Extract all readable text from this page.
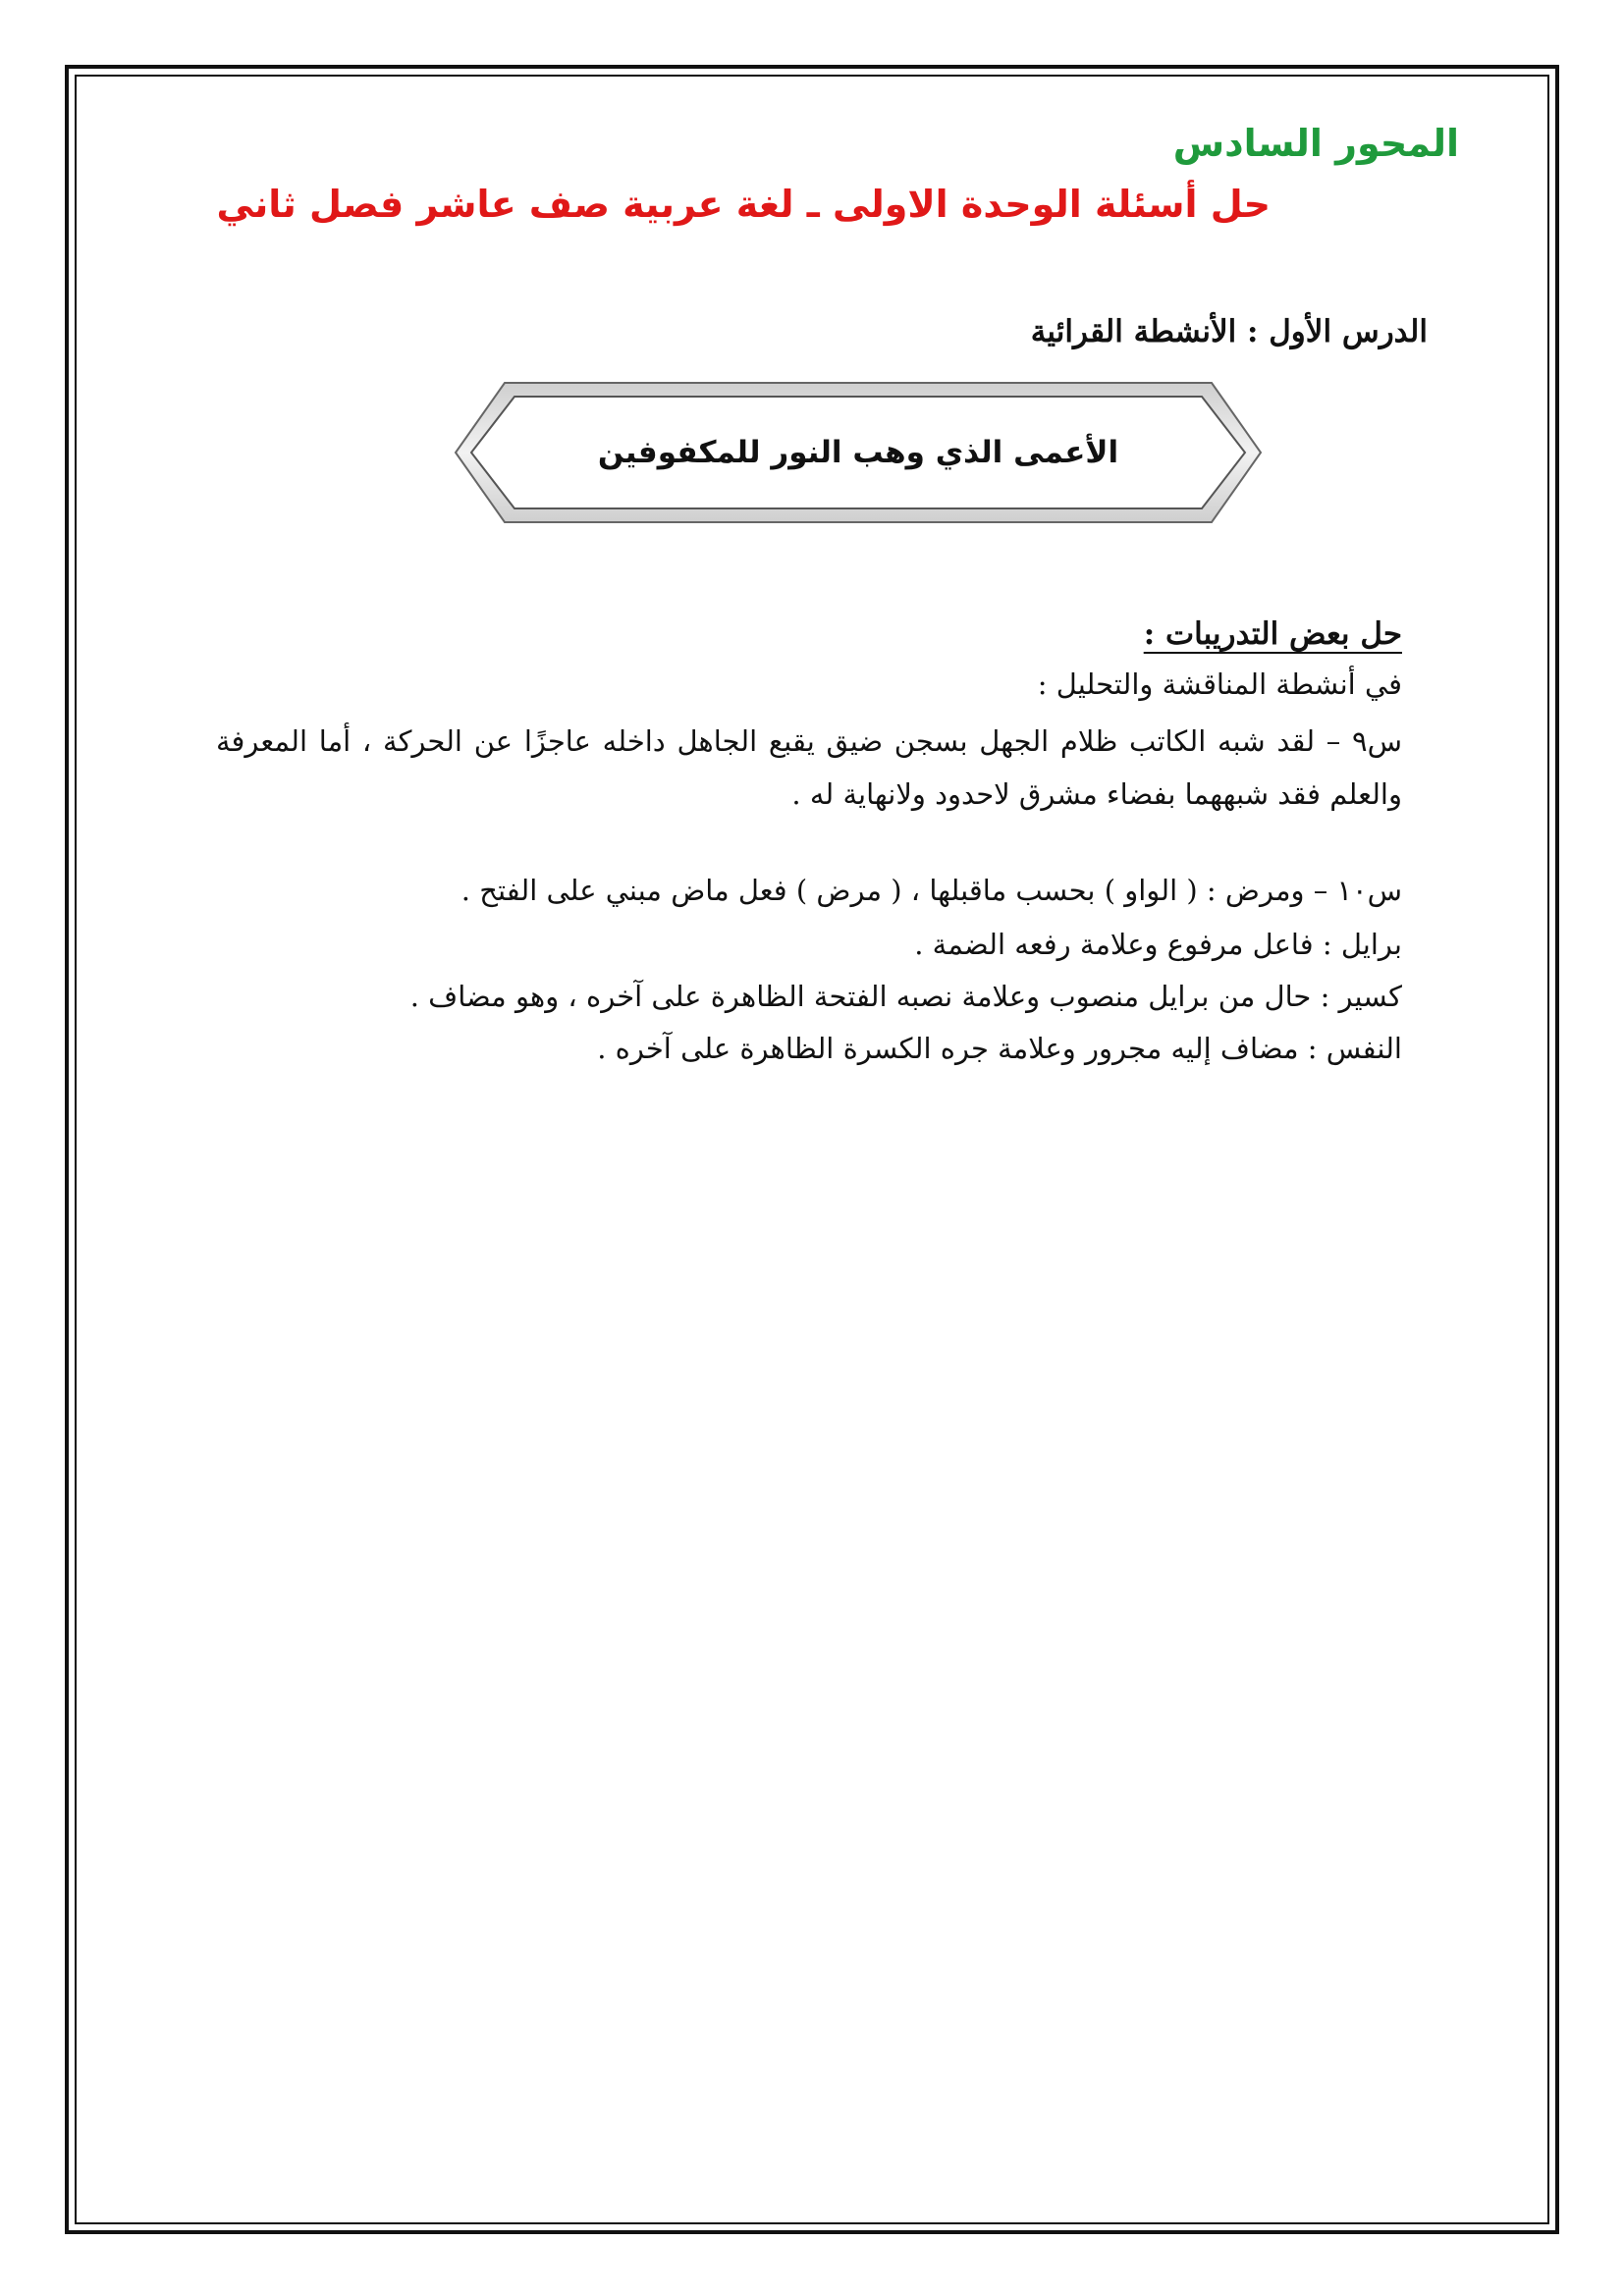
المحور السادس
حل أسئلة الوحدة الاولى ـ لغة عربية صف عاشر فصل ثاني
الدرس الأول : الأنشطة القرائية
الأعمى الذي وهب النور للمكفوفين
حل بعض التدريبات :

في أنشطة المناقشة والتحليل :

س٩ – لقد شبه الكاتب ظلام الجهل بسجن ضيق يقبع الجاهل داخله عاجزًا عن الحركة ، أما المعرفة والعلم فقد شبههما بفضاء مشرق لاحدود ولانهاية له .

س١٠ – ومرض : ( الواو ) بحسب ماقبلها ، ( مرض ) فعل ماض مبني على الفتح .

برايل : فاعل مرفوع وعلامة رفعه الضمة .

كسير : حال من برايل منصوب وعلامة نصبه الفتحة الظاهرة على آخره ، وهو مضاف .

النفس : مضاف إليه مجرور وعلامة جره الكسرة الظاهرة على آخره .
